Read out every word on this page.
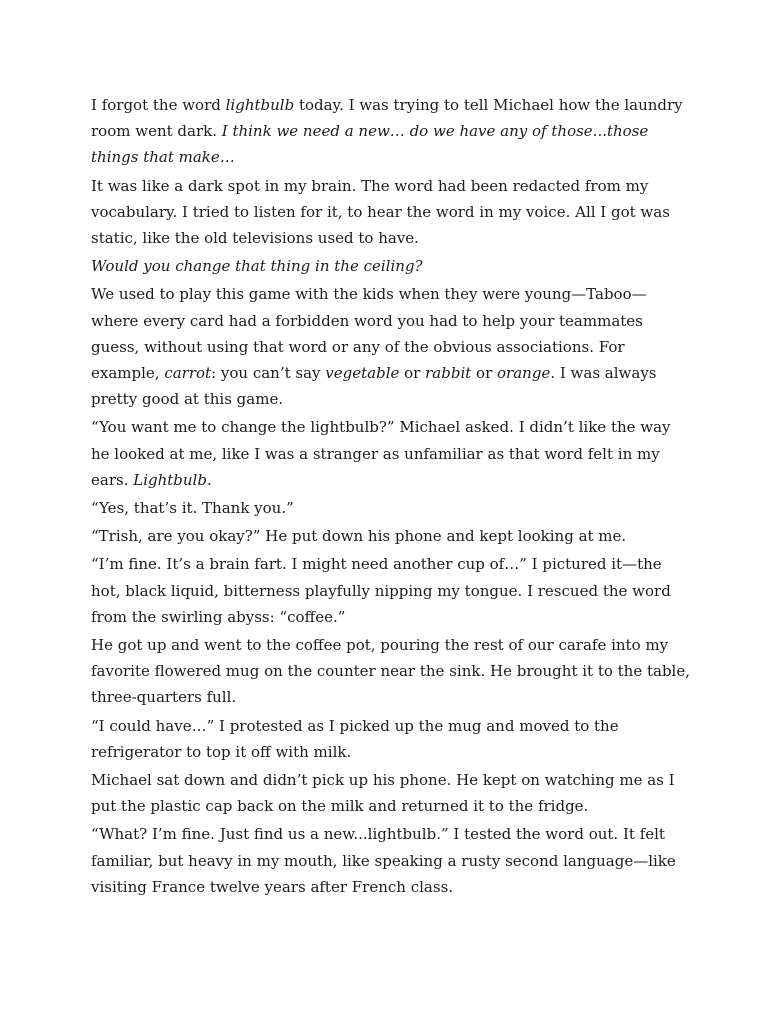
I forgot the word lightbulb today. I was trying to tell Michael how the laundry room went dark. I think we need a new… do we have any of those...those things that make…

It was like a dark spot in my brain. The word had been redacted from my vocabulary. I tried to listen for it, to hear the word in my voice. All I got was static, like the old televisions used to have.

Would you change that thing in the ceiling?

We used to play this game with the kids when they were young—Taboo—where every card had a forbidden word you had to help your teammates guess, without using that word or any of the obvious associations. For example, carrot: you can’t say vegetable or rabbit or orange. I was always pretty good at this game.

“You want me to change the lightbulb?” Michael asked. I didn’t like the way he looked at me, like I was a stranger as unfamiliar as that word felt in my ears. Lightbulb.

“Yes, that’s it. Thank you.”

“Trish, are you okay?” He put down his phone and kept looking at me.

“I’m fine. It’s a brain fart. I might need another cup of…” I pictured it—the hot, black liquid, bitterness playfully nipping my tongue. I rescued the word from the swirling abyss: “coffee.”

He got up and went to the coffee pot, pouring the rest of our carafe into my favorite flowered mug on the counter near the sink. He brought it to the table, three-quarters full.

“I could have…” I protested as I picked up the mug and moved to the refrigerator to top it off with milk.

Michael sat down and didn’t pick up his phone. He kept on watching me as I put the plastic cap back on the milk and returned it to the fridge.

“What? I’m fine. Just find us a new...lightbulb.” I tested the word out. It felt familiar, but heavy in my mouth, like speaking a rusty second language—like visiting France twelve years after French class.
